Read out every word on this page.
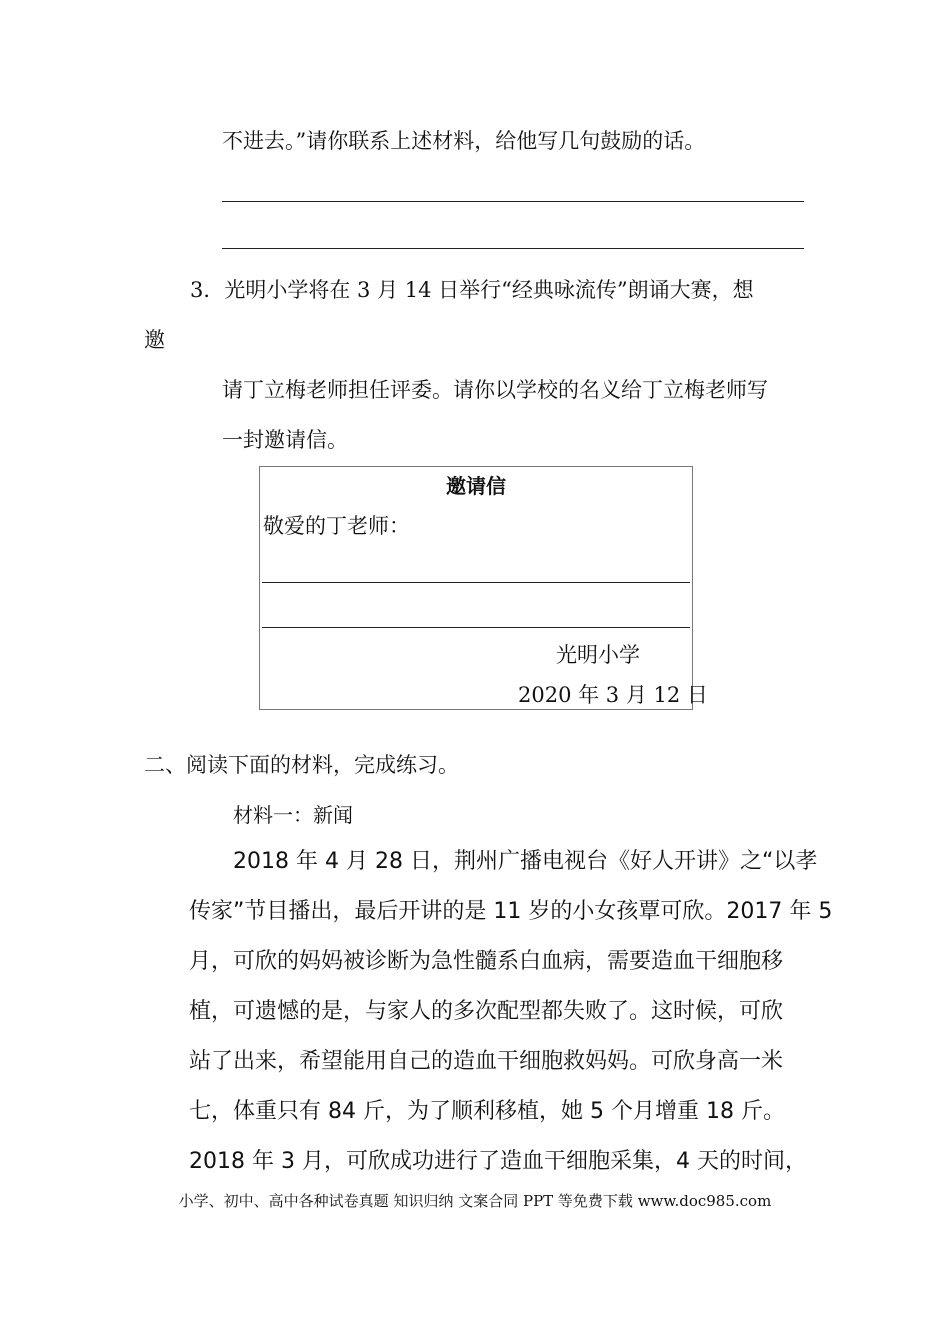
不进去。”请你联系上述材料，给他写几句鼓励的话。
3．光明小学将在 3 月 14 日举行“经典咏流传”朗诵大赛，想
邀
请丁立梅老师担任评委。请你以学校的名义给丁立梅老师写
一封邀请信。
邀请信
敬爱的丁老师：
光明小学
2020 年 3 月 12 日
二、阅读下面的材料，完成练习。
材料一：新闻
2018 年 4 月 28 日，荆州广播电视台《好人开讲》之“以孝
传家”节目播出，最后开讲的是 11 岁的小女孩覃可欣。2017 年 5
月，可欣的妈妈被诊断为急性髓系白血病，需要造血干细胞移
植，可遗憾的是，与家人的多次配型都失败了。这时候，可欣
站了出来，希望能用自己的造血干细胞救妈妈。可欣身高一米
七，体重只有 84 斤，为了顺利移植，她 5 个月增重 18 斤。
2018 年 3 月，可欣成功进行了造血干细胞采集，4 天的时间，
小学、初中、高中各种试卷真题 知识归纳 文案合同 PPT 等免费下载 www.doc985.com
